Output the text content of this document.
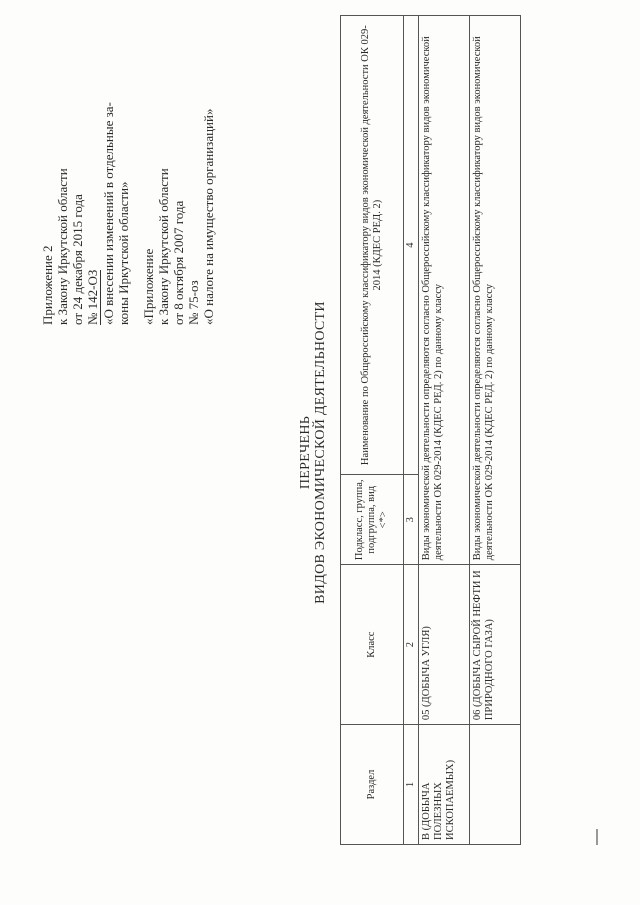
Приложение 2 к Закону Иркутской области от 24 декабря 2015 года № 142-ОЗ «О внесении изменений в отдельные за- коны Иркутской области» «Приложение к Закону Иркутской области от 8 октября 2007 года № 75-оз «О налоге на имущество организаций»
ПЕРЕЧЕНЬ ВИДОВ ЭКОНОМИЧЕСКОЙ ДЕЯТЕЛЬНОСТИ
Раздел	Класс	Подкласс, группа, подгруппа, вид <*>	Наименование по Общероссийскому классификатору видов экономической деятельности ОК 029-2014 (КДЕС РЕД. 2)
1	2	3	4
В (ДОБЫЧА ПОЛЕЗНЫХ ИСКОПАЕМЫХ)	05 (ДОБЫЧА УГЛЯ)	Виды экономической деятельности определяются согласно Общероссийскому классификатору видов экономической деятельности ОК 029-2014 (КДЕС РЕД. 2) по данному классу	
	06 (ДОБЫЧА СЫРОЙ НЕФТИ И ПРИРОДНОГО ГАЗА)	Виды экономической деятельности определяются согласно Общероссийскому классификатору видов экономической деятельности ОК 029-2014 (КДЕС РЕД. 2) по данному классу	
